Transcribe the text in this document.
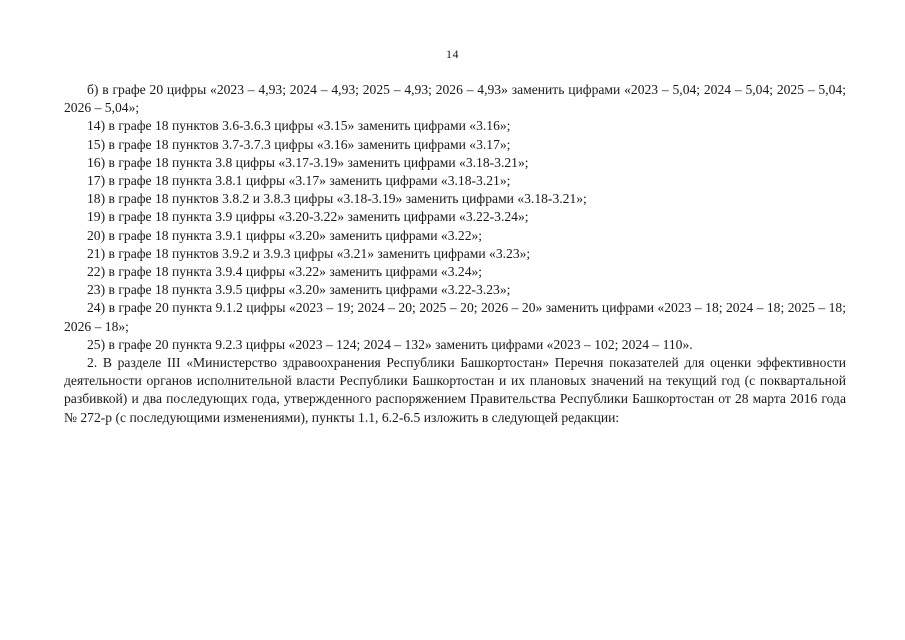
14

б) в графе 20 цифры «2023 – 4,93; 2024 – 4,93; 2025 – 4,93; 2026 – 4,93» заменить цифрами «2023 – 5,04; 2024 – 5,04; 2025 – 5,04; 2026 – 5,04»;

14) в графе 18 пунктов 3.6-3.6.3 цифры «3.15» заменить цифрами «3.16»;

15) в графе 18 пунктов 3.7-3.7.3 цифры «3.16» заменить цифрами «3.17»;

16) в графе 18 пункта 3.8 цифры «3.17-3.19» заменить цифрами «3.18-3.21»;

17) в графе 18 пункта 3.8.1 цифры «3.17» заменить цифрами «3.18-3.21»;

18) в графе 18 пунктов 3.8.2 и 3.8.3 цифры «3.18-3.19» заменить цифрами «3.18-3.21»;

19) в графе 18 пункта 3.9 цифры «3.20-3.22» заменить цифрами «3.22-3.24»;

20) в графе 18 пункта 3.9.1 цифры «3.20» заменить цифрами «3.22»;

21) в графе 18 пунктов 3.9.2 и 3.9.3 цифры «3.21» заменить цифрами «3.23»;

22) в графе 18 пункта 3.9.4 цифры «3.22» заменить цифрами «3.24»;

23) в графе 18 пункта 3.9.5 цифры «3.20» заменить цифрами «3.22-3.23»;

24) в графе 20 пункта 9.1.2 цифры «2023 – 19; 2024 – 20; 2025 – 20; 2026 – 20» заменить цифрами «2023 – 18; 2024 – 18; 2025 – 18; 2026 – 18»;

25) в графе 20 пункта 9.2.3 цифры «2023 – 124; 2024 – 132» заменить цифрами «2023 – 102; 2024 – 110».

2. В разделе III «Министерство здравоохранения Республики Башкортостан» Перечня показателей для оценки эффективности деятельности органов исполнительной власти Республики Башкортостан и их плановых значений на текущий год (с поквартальной разбивкой) и два последующих года, утвержденного распоряжением Правительства Республики Башкортостан от 28 марта 2016 года № 272-р (с последующими изменениями), пункты 1.1, 6.2-6.5 изложить в следующей редакции:
